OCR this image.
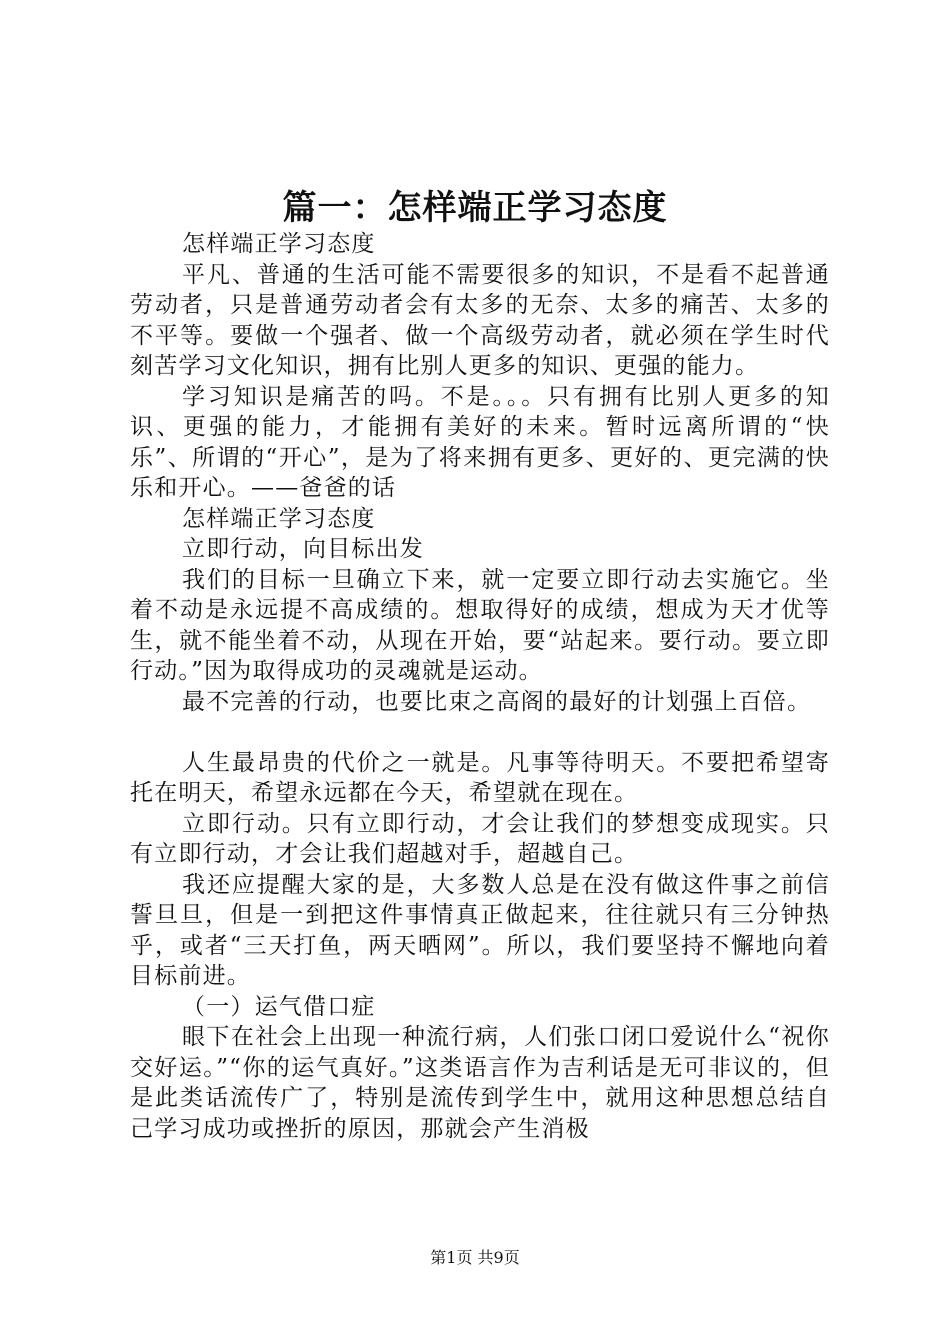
篇一：怎样端正学习态度

怎样端正学习态度

平凡、普通的生活可能不需要很多的知识，不是看不起普通劳动者，只是普通劳动者会有太多的无奈、太多的痛苦、太多的不平等。要做一个强者、做一个高级劳动者，就必须在学生时代刻苦学习文化知识，拥有比别人更多的知识、更强的能力。

学习知识是痛苦的吗。不是。。。只有拥有比别人更多的知识、更强的能力，才能拥有美好的未来。暂时远离所谓的“快乐”、所谓的“开心”，是为了将来拥有更多、更好的、更完满的快乐和开心。——爸爸的话

怎样端正学习态度

立即行动，向目标出发

我们的目标一旦确立下来，就一定要立即行动去实施它。坐着不动是永远提不高成绩的。想取得好的成绩，想成为天才优等生，就不能坐着不动，从现在开始，要“站起来。要行动。要立即行动。”因为取得成功的灵魂就是运动。

最不完善的行动，也要比束之高阁的最好的计划强上百倍。

人生最昂贵的代价之一就是。凡事等待明天。不要把希望寄托在明天，希望永远都在今天，希望就在现在。

立即行动。只有立即行动，才会让我们的梦想变成现实。只有立即行动，才会让我们超越对手，超越自己。

我还应提醒大家的是，大多数人总是在没有做这件事之前信誓旦旦，但是一到把这件事情真正做起来，往往就只有三分钟热乎，或者“三天打鱼，两天晒网”。所以，我们要坚持不懈地向着目标前进。

（一）运气借口症

眼下在社会上出现一种流行病，人们张口闭口爱说什么“祝你交好运。”“你的运气真好。”这类语言作为吉利话是无可非议的，但是此类话流传广了，特别是流传到学生中，就用这种思想总结自己学习成功或挫折的原因，那就会产生消极

第1页 共9页
